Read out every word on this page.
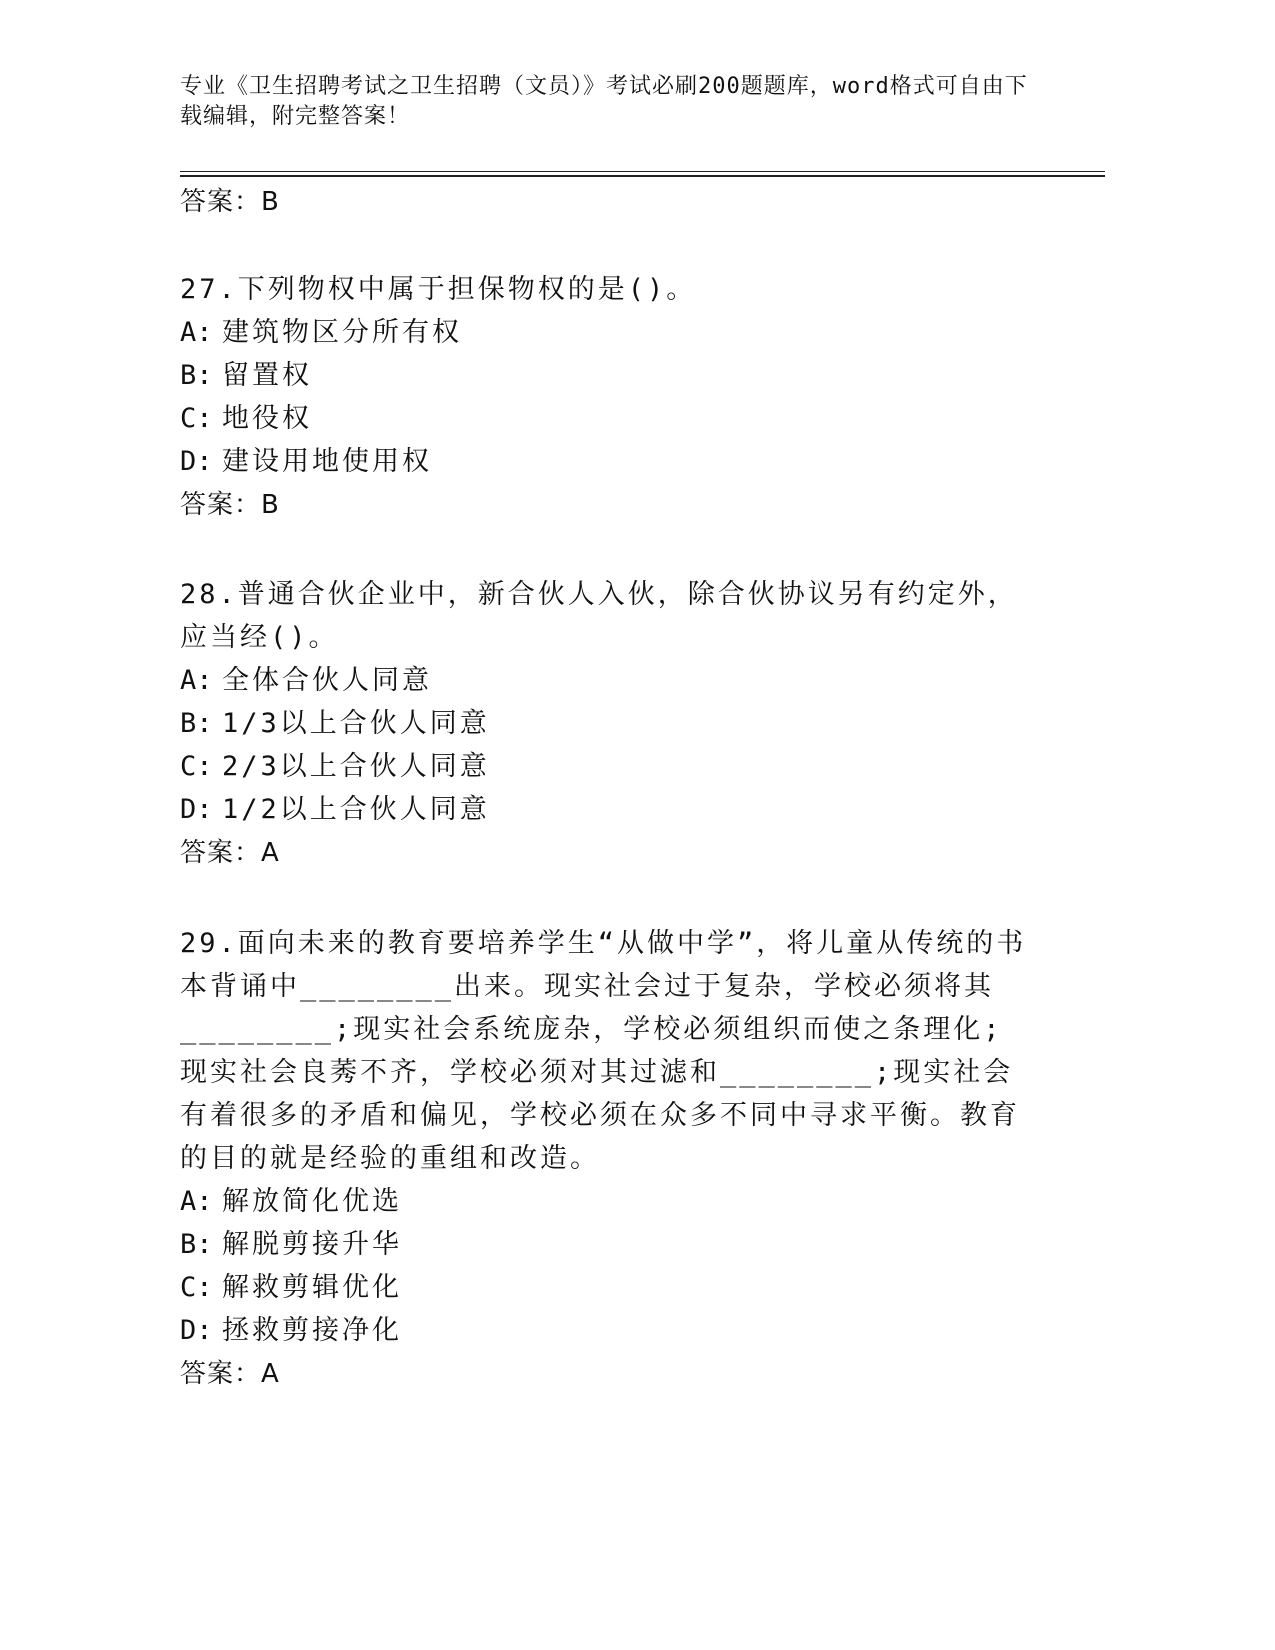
专业《卫生招聘考试之卫生招聘（文员）》考试必刷200题题库，word格式可自由下载编辑，附完整答案！
答案：B
27.下列物权中属于担保物权的是()。
A: 建筑物区分所有权
B: 留置权
C: 地役权
D: 建设用地使用权
答案：B
28.普通合伙企业中，新合伙人入伙，除合伙协议另有约定外，应当经()。
A: 全体合伙人同意
B: 1/3以上合伙人同意
C: 2/3以上合伙人同意
D: 1/2以上合伙人同意
答案：A
29.面向未来的教育要培养学生“从做中学”，将儿童从传统的书本背诵中________出来。现实社会过于复杂，学校必须将其________;现实社会系统庞杂，学校必须组织而使之条理化;现实社会良莠不齐，学校必须对其过滤和________;现实社会有着很多的矛盾和偏见，学校必须在众多不同中寻求平衡。教育的目的就是经验的重组和改造。
A: 解放简化优选
B: 解脱剪接升华
C: 解救剪辑优化
D: 拯救剪接净化
答案：A
